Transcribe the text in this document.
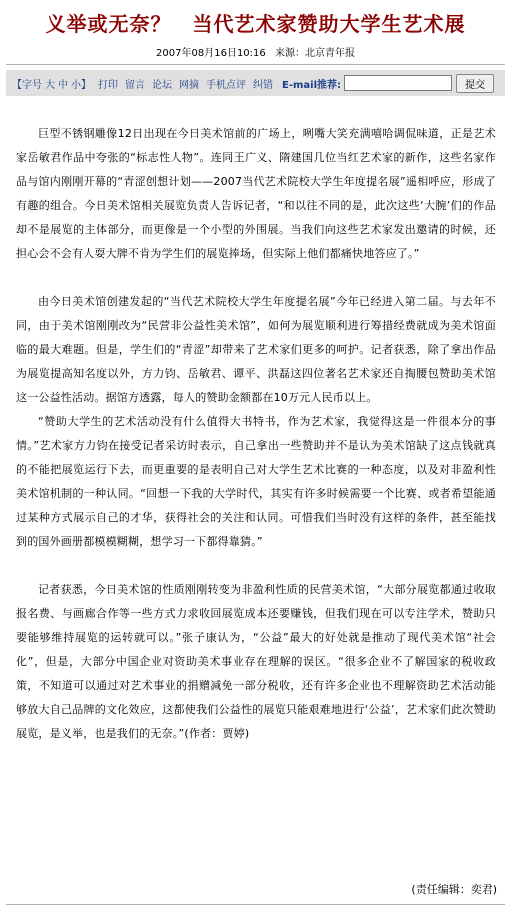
义举或无奈？　当代艺术家赞助大学生艺术展
2007年08月16日10:16 来源：北京青年报
【字号 大 中 小】 打印 留言 论坛 网摘 手机点评 纠错 E-mail推荐:	提交

巨型不锈钢雕像12日出现在今日美术馆前的广场上，咧嘴大笑充满嘻哈调侃味道，正是艺术家岳敏君作品中夸张的“标志性人物”。连同王广义、隋建国几位当红艺术家的新作，这些名家作品与馆内刚刚开幕的“青涩创想计划——2007当代艺术院校大学生年度提名展”遥相呼应，形成了有趣的组合。今日美术馆相关展览负责人告诉记者，“和以往不同的是，此次这些‘大腕’们的作品却不是展览的主体部分，而更像是一个小型的外围展。当我们向这些艺术家发出邀请的时候，还担心会不会有人耍大牌不肯为学生们的展览捧场，但实际上他们都痛快地答应了。”

由今日美术馆创建发起的“当代艺术院校大学生年度提名展”今年已经进入第二届。与去年不同，由于美术馆刚刚改为“民营非公益性美术馆”，如何为展览顺利进行筹措经费就成为美术馆面临的最大难题。但是，学生们的“青涩”却带来了艺术家们更多的呵护。记者获悉，除了拿出作品为展览提高知名度以外，方力钧、岳敏君、谭平、洪磊这四位著名艺术家还自掏腰包赞助美术馆这一公益性活动。据馆方透露，每人的赞助金额都在10万元人民币以上。

“赞助大学生的艺术活动没有什么值得大书特书，作为艺术家，我觉得这是一件很本分的事情。”艺术家方力钧在接受记者采访时表示，自己拿出一些赞助并不是认为美术馆缺了这点钱就真的不能把展览运行下去，而更重要的是表明自己对大学生艺术比赛的一种态度，以及对非盈利性美术馆机制的一种认同。“回想一下我的大学时代，其实有许多时候需要一个比赛、或者希望能通过某种方式展示自己的才华，获得社会的关注和认同。可惜我们当时没有这样的条件，甚至能找到的国外画册都模模糊糊，想学习一下都得靠猜。”

记者获悉，今日美术馆的性质刚刚转变为非盈利性质的民营美术馆，“大部分展览都通过收取报名费、与画廊合作等一些方式力求收回展览成本还要赚钱，但我们现在可以专注学术，赞助只要能够维持展览的运转就可以。”张子康认为，“公益”最大的好处就是推动了现代美术馆“社会化”，但是，大部分中国企业对资助美术事业存在理解的误区。“很多企业不了解国家的税收政策，不知道可以通过对艺术事业的捐赠减免一部分税收，还有许多企业也不理解资助艺术活动能够放大自己品牌的文化效应，这都使我们公益性的展览只能艰难地进行‘公益’，艺术家们此次赞助展览，是义举，也是我们的无奈。”(作者：贾婷)

(责任编辑：奕君)
